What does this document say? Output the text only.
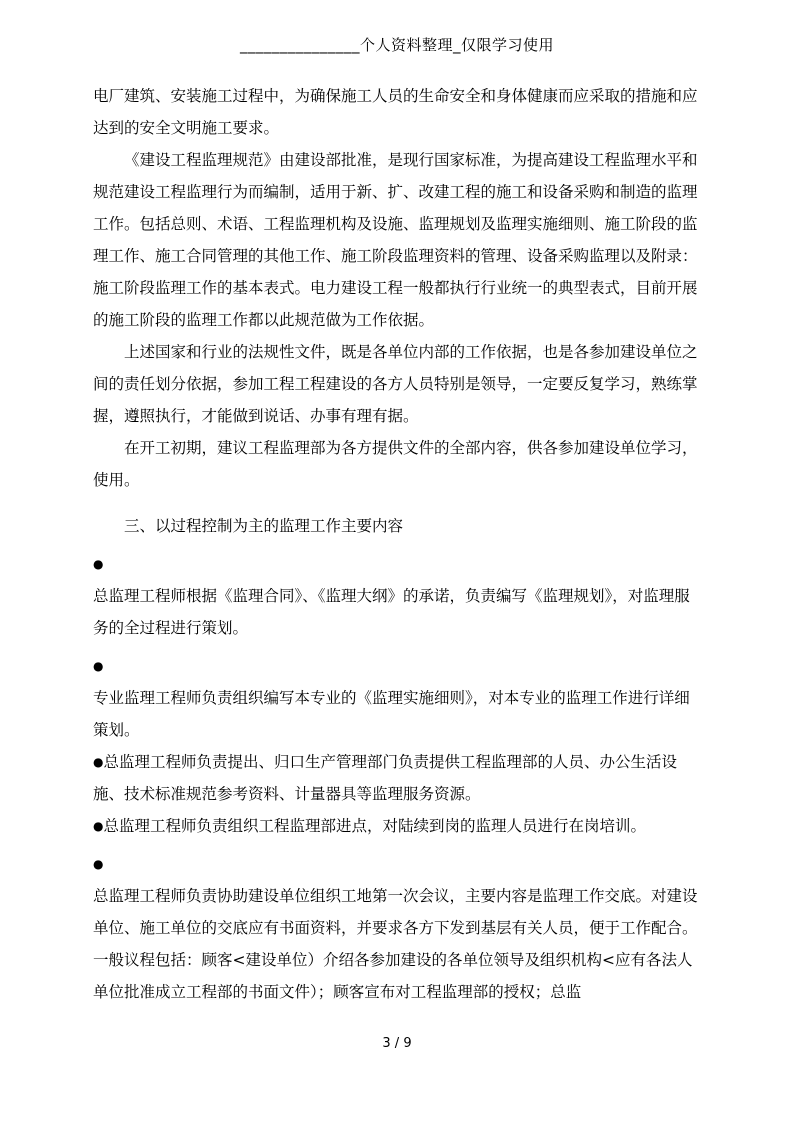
_______________个人资料整理_仅限学习使用

电厂建筑、安装施工过程中，为确保施工人员的生命安全和身体健康而应采取的措施和应达到的安全文明施工要求。

《建设工程监理规范》由建设部批准，是现行国家标准，为提高建设工程监理水平和规范建设工程监理行为而编制，适用于新、扩、改建工程的施工和设备采购和制造的监理工作。包括总则、术语、工程监理机构及设施、监理规划及监理实施细则、施工阶段的监理工作、施工合同管理的其他工作、施工阶段监理资料的管理、设备采购监理以及附录：施工阶段监理工作的基本表式。电力建设工程一般都执行行业统一的典型表式，目前开展的施工阶段的监理工作都以此规范做为工作依据。

上述国家和行业的法规性文件，既是各单位内部的工作依据，也是各参加建设单位之间的责任划分依据，参加工程工程建设的各方人员特别是领导，一定要反复学习，熟练掌握，遵照执行，才能做到说话、办事有理有据。

在开工初期，建议工程监理部为各方提供文件的全部内容，供各参加建设单位学习，使用。

三、以过程控制为主的监理工作主要内容

●

总监理工程师根据《监理合同》、《监理大纲》的承诺，负责编写《监理规划》，对监理服务的全过程进行策划。

●

专业监理工程师负责组织编写本专业的《监理实施细则》，对本专业的监理工作进行详细策划。

●总监理工程师负责提出、归口生产管理部门负责提供工程监理部的人员、办公生活设施、技术标准规范参考资料、计量器具等监理服务资源。

●总监理工程师负责组织工程监理部进点，对陆续到岗的监理人员进行在岗培训。

●

总监理工程师负责协助建设单位组织工地第一次会议，主要内容是监理工作交底。对建设单位、施工单位的交底应有书面资料，并要求各方下发到基层有关人员，便于工作配合。一般议程包括：顾客<建设单位）介绍各参加建设的各单位领导及组织机构<应有各法人单位批准成立工程部的书面文件）；顾客宣布对工程监理部的授权；总监

3 / 9
